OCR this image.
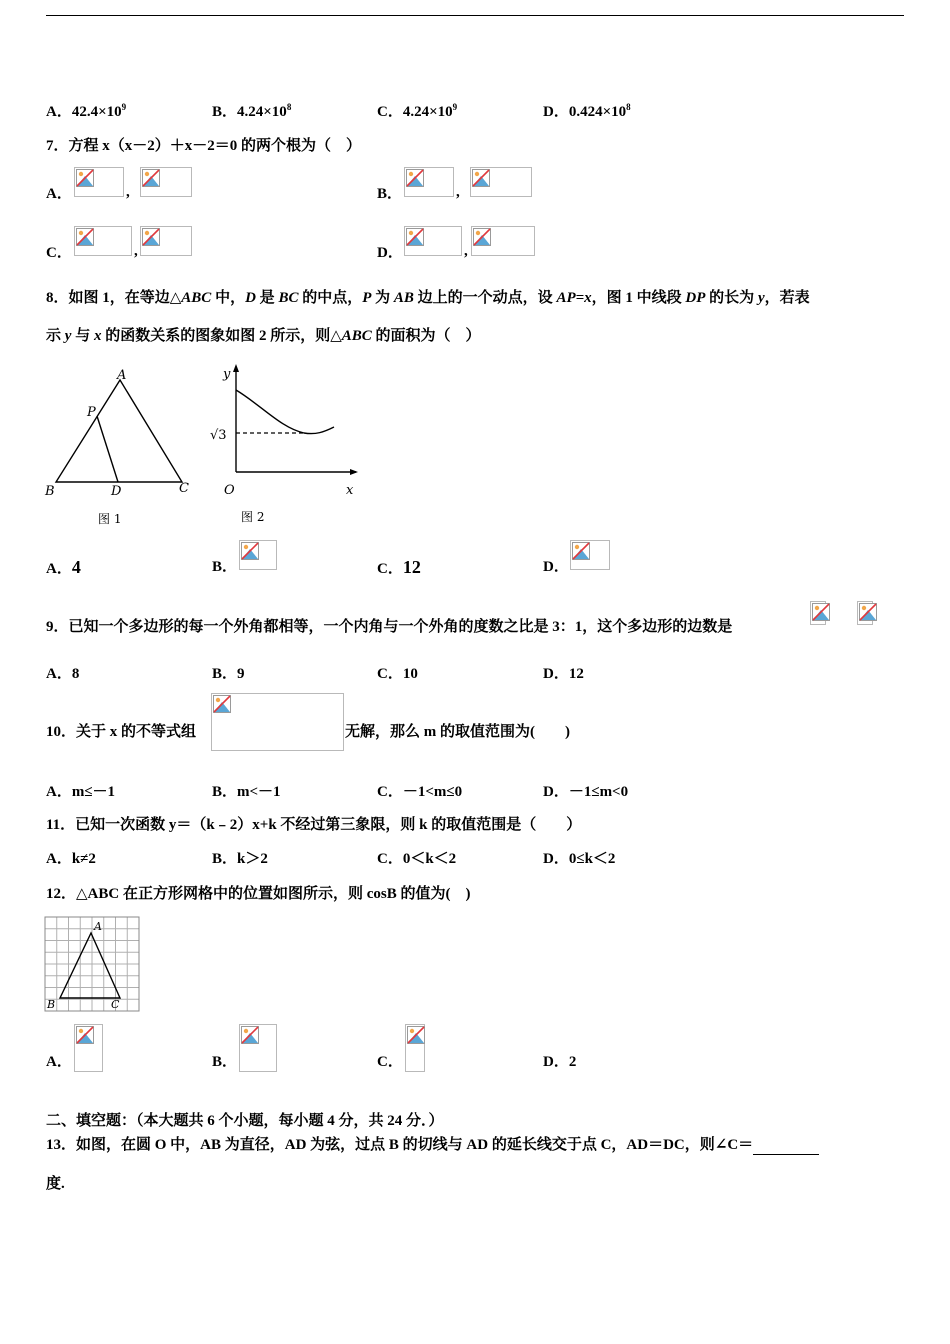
A．$42.4\times 10^9$	B．$4.24\times 10^8$	C．$4.24\times 10^9$	D．$0.424\times 10^8$
7．方程 x（x－2）＋x－2＝0 的两个根为（　）
A．	,	B．	,
C．	,	D．	,
8．如图 1，在等边△ABC 中，D 是 BC 的中点，P 为 AB 边上的一个动点，设 AP=x，图 1 中线段 DP 的长为 y，若表
示 y 与 x 的函数关系的图象如图 2 所示，则△ABC 的面积为（　）
A
P
B	D	C
图 1
y
x
O
√3
图 2
A．4	B．	C．12	D．
9．已知一个多边形的每一个外角都相等，一个内角与一个外角的度数之比是 3：1，这个多边形的边数是
A．8	B．9	C．10	D．12
10．关于 x 的不等式组	无解，那么 m 的取值范围为(　　)
A．m≤－1	B．m<－1	C．－1<m≤0	D．－1≤m<0
11．已知一次函数 y＝（k﹣2）x+k 不经过第三象限，则 k 的取值范围是（　　）
A．k≠2	B．k＞2	C．0＜k＜2	D．0≤k＜2
12．△ABC 在正方形网格中的位置如图所示，则 cosB 的值为(　)
A
B	C
A．	B．	C．	D．2
二、填空题：（本大题共 6 个小题，每小题 4 分，共 24 分．）
13．如图，在圆 O 中，AB 为直径，AD 为弦，过点 B 的切线与 AD 的延长线交于点 C，AD＝DC，则∠C＝
度.
